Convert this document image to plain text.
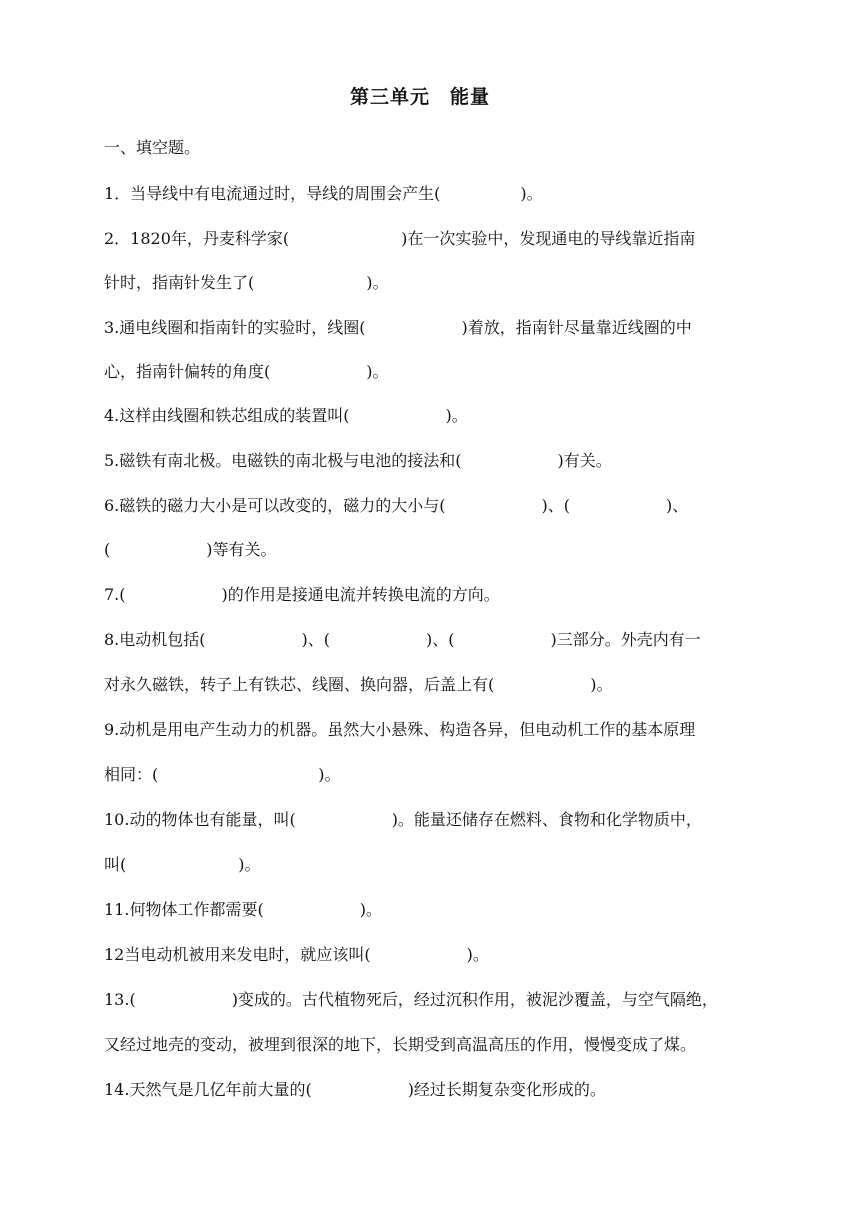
第三单元　能量
一、填空题。
1．当导线中有电流通过时，导线的周围会产生(　　　　　)。
2．1820年，丹麦科学家(　　　　　　　)在一次实验中，发现通电的导线靠近指南
针时，指南针发生了(　　　　　　　)。
3.通电线圈和指南针的实验时，线圈(　　　　　　)着放，指南针尽量靠近线圈的中
心，指南针偏转的角度(　　　　　　)。
4.这样由线圈和铁芯组成的装置叫(　　　　　　)。
5.磁铁有南北极。电磁铁的南北极与电池的接法和(　　　　　　)有关。
6.磁铁的磁力大小是可以改变的，磁力的大小与(　　　　　　)、(　　　　　　)、
(　　　　　　)等有关。
7.(　　　　　　)的作用是接通电流并转换电流的方向。
8.电动机包括(　　　　　　)、(　　　　　　)、(　　　　　　)三部分。外壳内有一
对永久磁铁，转子上有铁芯、线圈、换向器，后盖上有(　　　　　　)。
9.动机是用电产生动力的机器。虽然大小悬殊、构造各异，但电动机工作的基本原理
相同：(　　　　　　　　　　)。
10.动的物体也有能量，叫(　　　　　　)。能量还储存在燃料、食物和化学物质中，
叫(　　　　　　　)。
11.何物体工作都需要(　　　　　　)。
12当电动机被用来发电时，就应该叫(　　　　　　)。
13.(　　　　　　)变成的。古代植物死后，经过沉积作用，被泥沙覆盖，与空气隔绝，
又经过地壳的变动，被埋到很深的地下，长期受到高温高压的作用，慢慢变成了煤。
14.天然气是几亿年前大量的(　　　　　　)经过长期复杂变化形成的。
